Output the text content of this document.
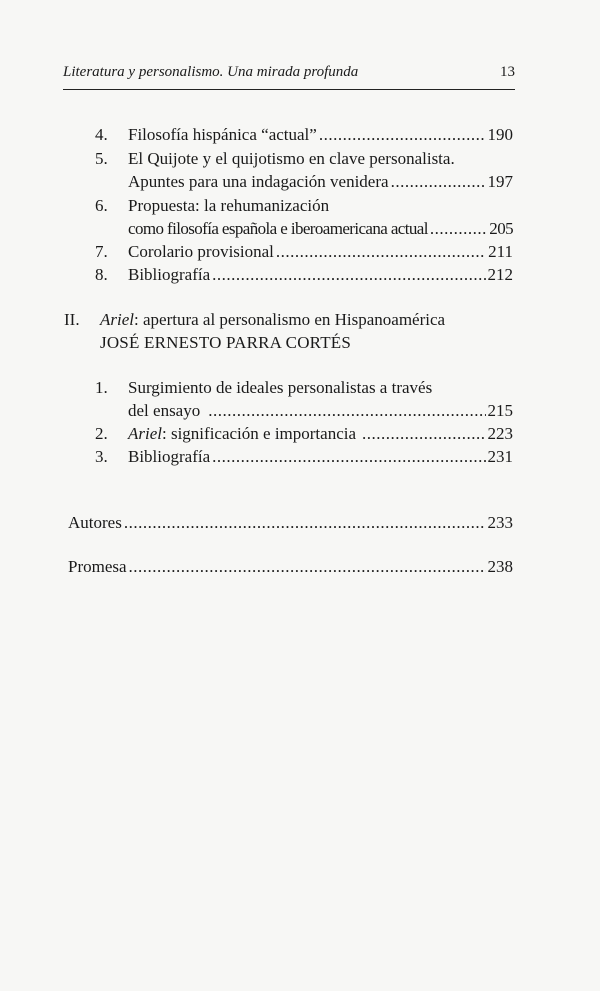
Literatura y personalismo. Una mirada profunda	13
4.	Filosofía hispánica “actual” .....	190
5.	El Quijote y el quijotismo en clave personalista.
Apuntes para una indagación venidera .....	197
6.	Propuesta: la rehumanización
como filosofía española e iberoamericana actual .....	205
7.	Corolario provisional .....	211
8.	Bibliografía .....	212
II.	Ariel : apertura al personalismo en Hispanoamérica
JOSÉ ERNESTO PARRA CORTÉS
1.	Surgimiento de ideales personalistas a través
del ensayo .....	215
2.	Ariel : significación e importancia .....	223
3.	Bibliografía .....	231
Autores .....	233
Promesa .....	238
